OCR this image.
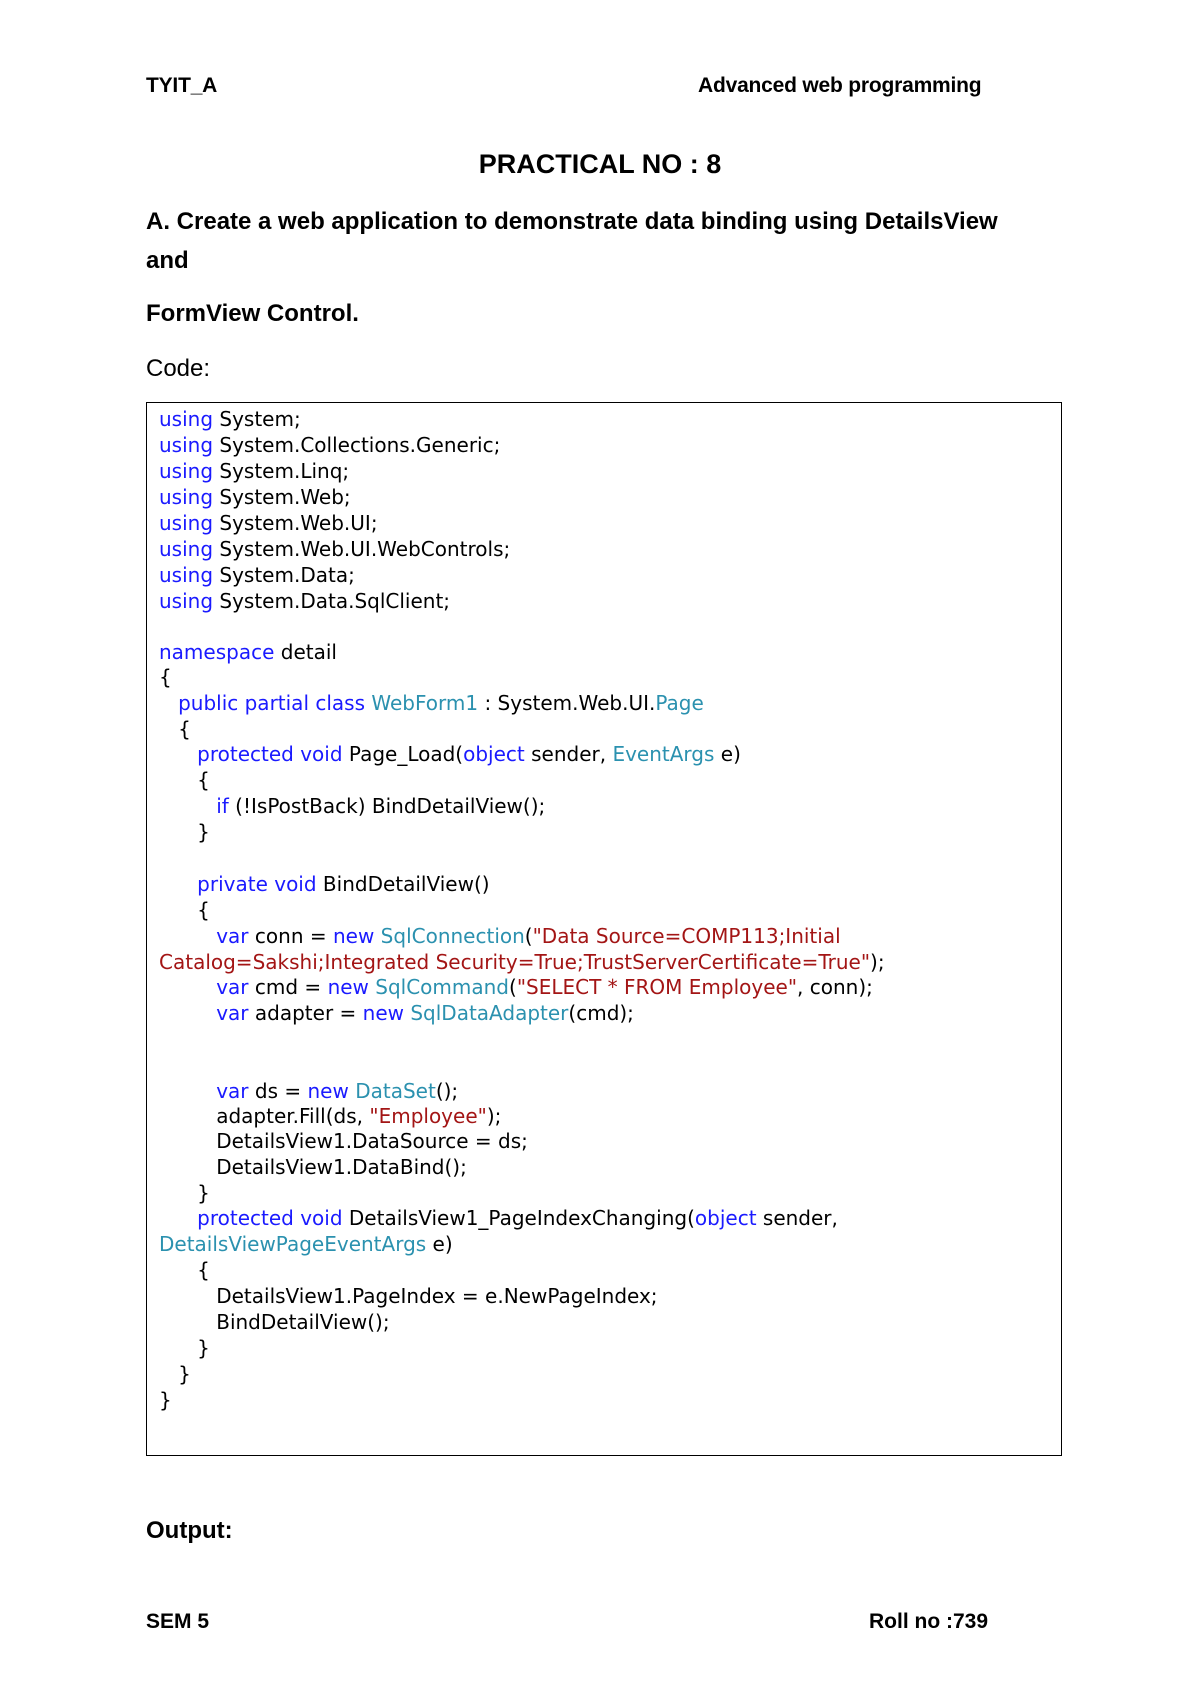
TYIT_A	Advanced web programming
PRACTICAL NO : 8
A. Create a web application to demonstrate data binding using DetailsView
and
FormView Control.
Code:
using System;
using System.Collections.Generic;
using System.Linq;
using System.Web;
using System.Web.UI;
using System.Web.UI.WebControls;
using System.Data;
using System.Data.SqlClient;

namespace detail
{
public partial class WebForm1 : System.Web.UI.Page
{
protected void Page_Load(object sender, EventArgs e)
{
if (!IsPostBack) BindDetailView();
}

private void BindDetailView()
{
var conn = new SqlConnection("Data Source=COMP113;Initial
Catalog=Sakshi;Integrated Security=True;TrustServerCertificate=True");
var cmd = new SqlCommand("SELECT * FROM Employee", conn);
var adapter = new SqlDataAdapter(cmd);

var ds = new DataSet();
adapter.Fill(ds, "Employee");
DetailsView1.DataSource = ds;
DetailsView1.DataBind();
}
protected void DetailsView1_PageIndexChanging(object sender,
DetailsViewPageEventArgs e)
{
DetailsView1.PageIndex = e.NewPageIndex;
BindDetailView();
}
}
}
Output:
SEM 5	Roll no :739
